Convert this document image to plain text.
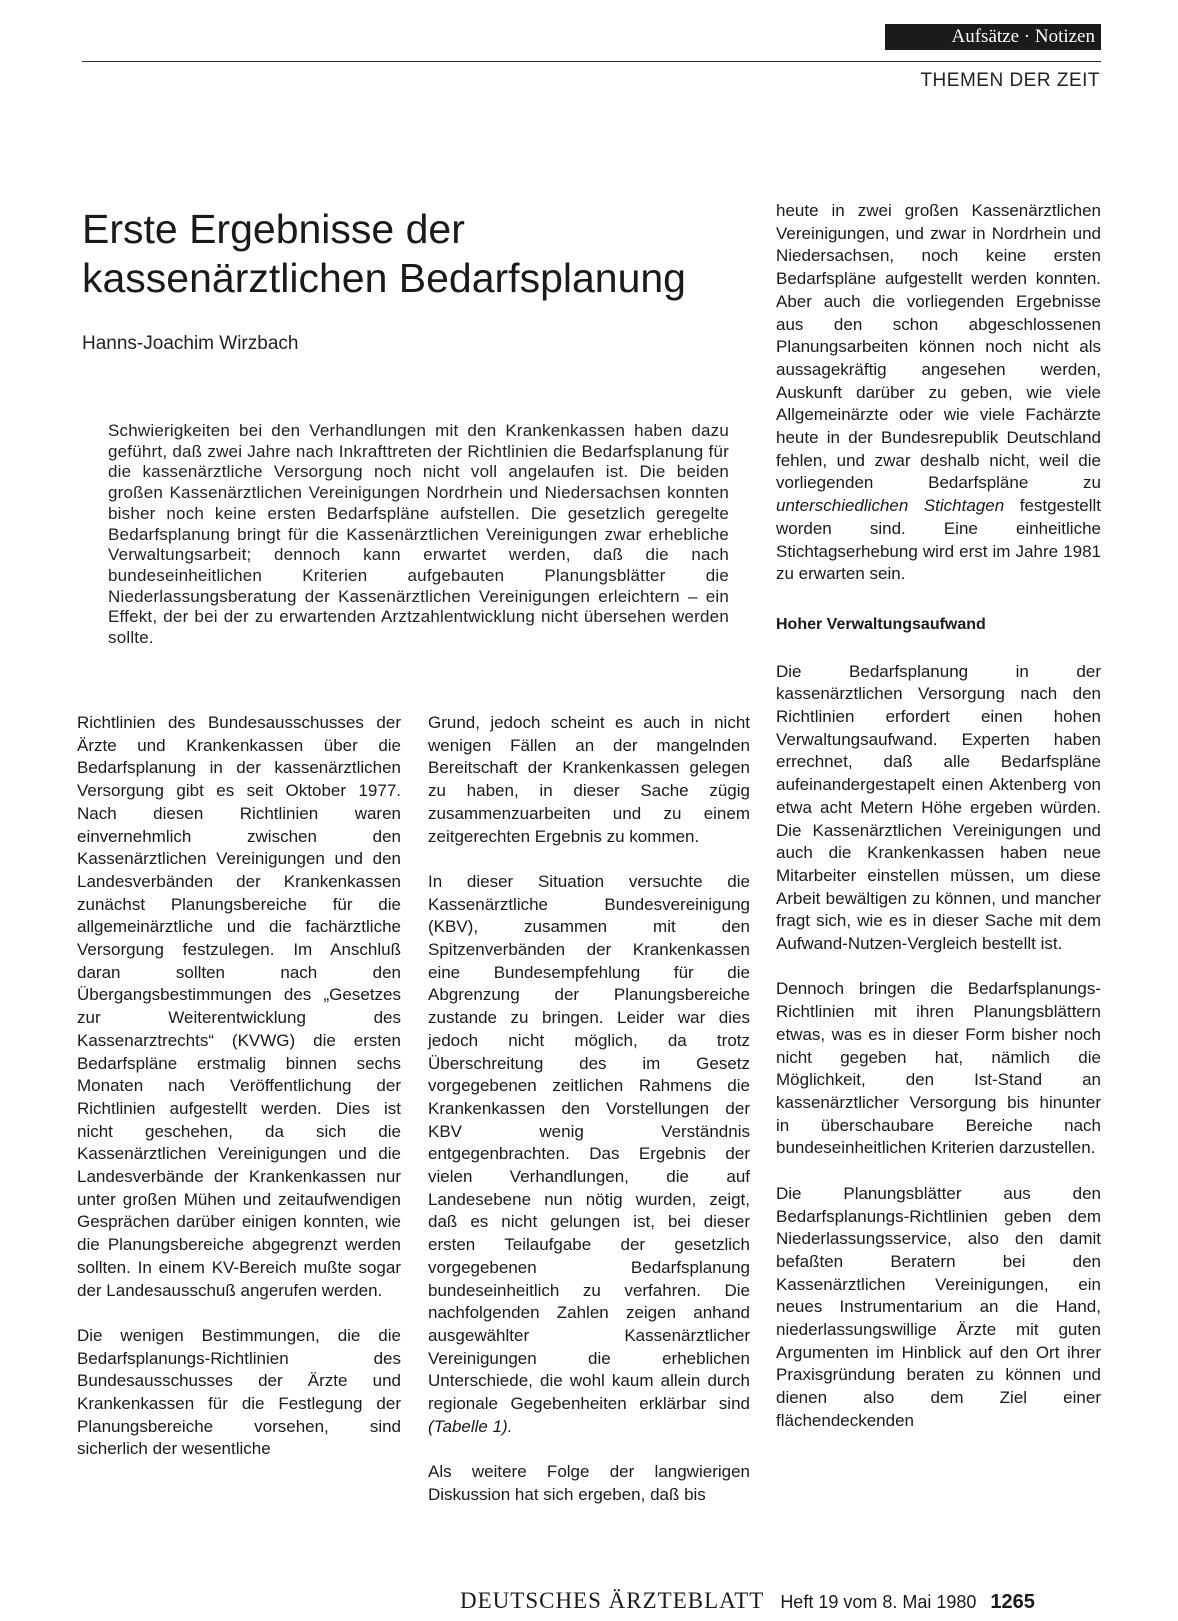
Aufsätze · Notizen
THEMEN DER ZEIT
Erste Ergebnisse der
kassenärztlichen Bedarfsplanung
Hanns-Joachim Wirzbach

Schwierigkeiten bei den Verhandlungen mit den Krankenkassen haben dazu geführt, daß zwei Jahre nach Inkrafttreten der Richtlinien die Bedarfsplanung für die kassenärztliche Versorgung noch nicht voll angelaufen ist. Die beiden großen Kassenärztlichen Vereinigungen Nordrhein und Niedersachsen konnten bisher noch keine ersten Bedarfspläne aufstellen. Die gesetzlich geregelte Bedarfsplanung bringt für die Kassenärztlichen Vereinigungen zwar erhebliche Verwaltungsarbeit; dennoch kann erwartet werden, daß die nach bundeseinheitlichen Kriterien aufgebauten Planungsblätter die Niederlassungsberatung der Kassenärztlichen Vereinigungen erleichtern – ein Effekt, der bei der zu erwartenden Arztzahlentwicklung nicht übersehen werden sollte.

Richtlinien des Bundesausschusses der Ärzte und Krankenkassen über die Bedarfsplanung in der kassenärztlichen Versorgung gibt es seit Oktober 1977. Nach diesen Richtlinien waren einvernehmlich zwischen den Kassenärztlichen Vereinigungen und den Landesverbänden der Krankenkassen zunächst Planungsbereiche für die allgemeinärztliche und die fachärztliche Versorgung festzulegen. Im Anschluß daran sollten nach den Übergangsbestimmungen des „Gesetzes zur Weiterentwicklung des Kassenarztrechts“ (KVWG) die ersten Bedarfspläne erstmalig binnen sechs Monaten nach Veröffentlichung der Richtlinien aufgestellt werden. Dies ist nicht geschehen, da sich die Kassenärztlichen Vereinigungen und die Landesverbände der Krankenkassen nur unter großen Mühen und zeitaufwendigen Gesprächen darüber einigen konnten, wie die Planungsbereiche abgegrenzt werden sollten. In einem KV-Bereich mußte sogar der Landesausschuß angerufen werden.

Die wenigen Bestimmungen, die die Bedarfsplanungs-Richtlinien des Bundesausschusses der Ärzte und Krankenkassen für die Festlegung der Planungsbereiche vorsehen, sind sicherlich der wesentliche

Grund, jedoch scheint es auch in nicht wenigen Fällen an der mangelnden Bereitschaft der Krankenkassen gelegen zu haben, in dieser Sache zügig zusammenzuarbeiten und zu einem zeitgerechten Ergebnis zu kommen.

In dieser Situation versuchte die Kassenärztliche Bundesvereinigung (KBV), zusammen mit den Spitzenverbänden der Krankenkassen eine Bundesempfehlung für die Abgrenzung der Planungsbereiche zustande zu bringen. Leider war dies jedoch nicht möglich, da trotz Überschreitung des im Gesetz vorgegebenen zeitlichen Rahmens die Krankenkassen den Vorstellungen der KBV wenig Verständnis entgegenbrachten. Das Ergebnis der vielen Verhandlungen, die auf Landesebene nun nötig wurden, zeigt, daß es nicht gelungen ist, bei dieser ersten Teilaufgabe der gesetzlich vorgegebenen Bedarfsplanung bundeseinheitlich zu verfahren. Die nachfolgenden Zahlen zeigen anhand ausgewählter Kassenärztlicher Vereinigungen die erheblichen Unterschiede, die wohl kaum allein durch regionale Gegebenheiten erklärbar sind (Tabelle 1).

Als weitere Folge der langwierigen Diskussion hat sich ergeben, daß bis

heute in zwei großen Kassenärztlichen Vereinigungen, und zwar in Nordrhein und Niedersachsen, noch keine ersten Bedarfspläne aufgestellt werden konnten. Aber auch die vorliegenden Ergebnisse aus den schon abgeschlossenen Planungsarbeiten können noch nicht als aussagekräftig angesehen werden, Auskunft darüber zu geben, wie viele Allgemeinärzte oder wie viele Fachärzte heute in der Bundesrepublik Deutschland fehlen, und zwar deshalb nicht, weil die vorliegenden Bedarfspläne zu unterschiedlichen Stichtagen festgestellt worden sind. Eine einheitliche Stichtagserhebung wird erst im Jahre 1981 zu erwarten sein.

Hoher Verwaltungsaufwand

Die Bedarfsplanung in der kassenärztlichen Versorgung nach den Richtlinien erfordert einen hohen Verwaltungsaufwand. Experten haben errechnet, daß alle Bedarfspläne aufeinandergestapelt einen Aktenberg von etwa acht Metern Höhe ergeben würden. Die Kassenärztlichen Vereinigungen und auch die Krankenkassen haben neue Mitarbeiter einstellen müssen, um diese Arbeit bewältigen zu können, und mancher fragt sich, wie es in dieser Sache mit dem Aufwand-Nutzen-Vergleich bestellt ist.

Dennoch bringen die Bedarfsplanungs-Richtlinien mit ihren Planungsblättern etwas, was es in dieser Form bisher noch nicht gegeben hat, nämlich die Möglichkeit, den Ist-Stand an kassenärztlicher Versorgung bis hinunter in überschaubare Bereiche nach bundeseinheitlichen Kriterien darzustellen.

Die Planungsblätter aus den Bedarfsplanungs-Richtlinien geben dem Niederlassungsservice, also den damit befaßten Beratern bei den Kassenärztlichen Vereinigungen, ein neues Instrumentarium an die Hand, niederlassungswillige Ärzte mit guten Argumenten im Hinblick auf den Ort ihrer Praxisgründung beraten zu können und dienen also dem Ziel einer flächendeckenden

DEUTSCHES ÄRZTEBLATT Heft 19 vom 8. Mai 1980 1265
